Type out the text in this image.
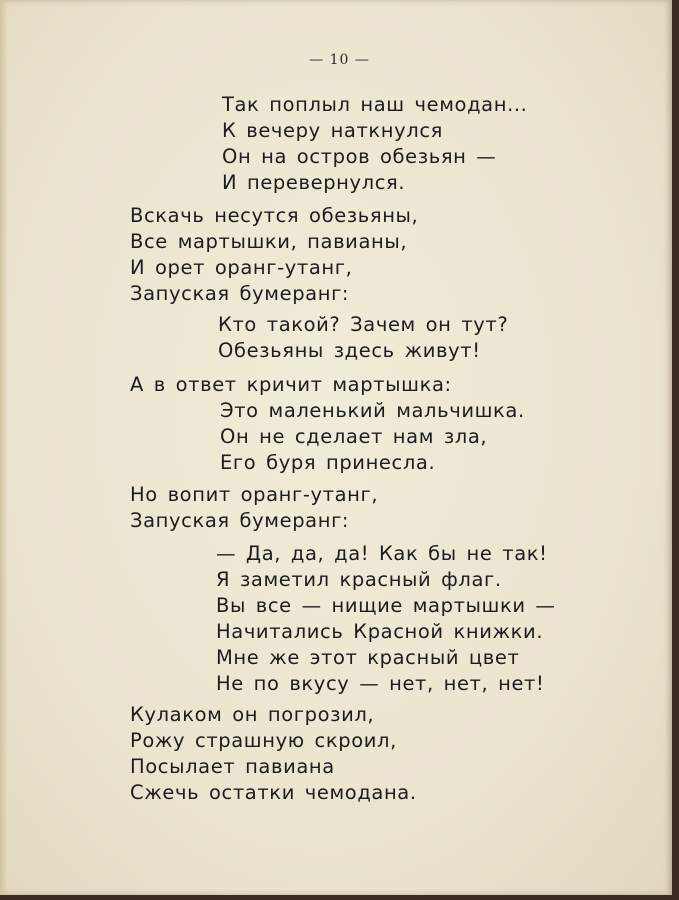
— 10 —
Так поплыл наш чемодан...
К вечеру наткнулся
Он на остров обезьян —
И перевернулся.
Вскачь несутся обезьяны,
Все мартышки, павианы,
И орет оранг-утанг,
Запуская бумеранг:
Кто такой? Зачем он тут?
Обезьяны здесь живут!
А в ответ кричит мартышка:
Это маленький мальчишка.
Он не сделает нам зла,
Его буря принесла.
Но вопит оранг-утанг,
Запуская бумеранг:
— Да, да, да! Как бы не так!
Я заметил красный флаг.
Вы все — нищие мартышки —
Начитались Красной книжки.
Мне же этот красный цвет
Не по вкусу — нет, нет, нет!
Кулаком он погрозил,
Рожу страшную скроил,
Посылает павиана
Сжечь остатки чемодана.
